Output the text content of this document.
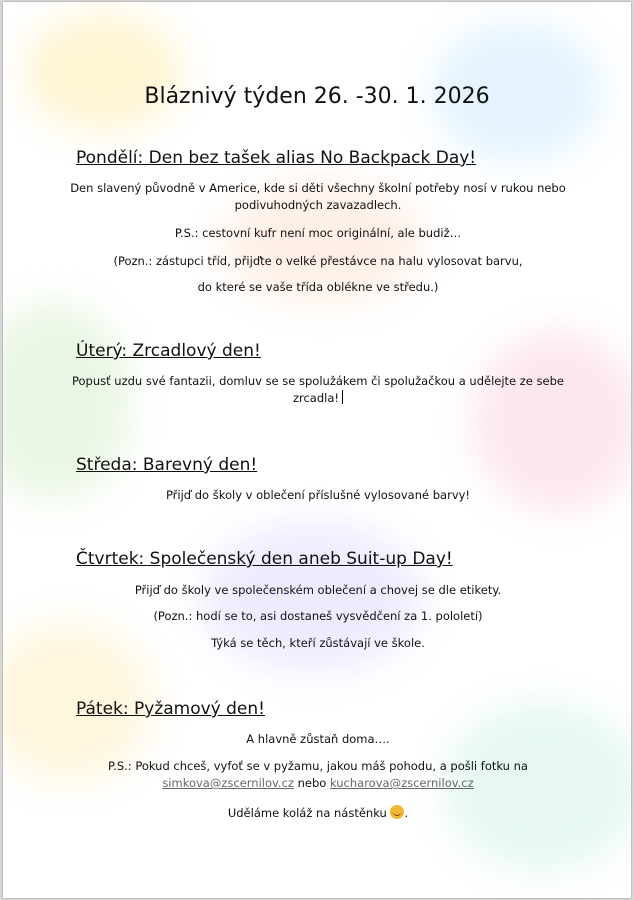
Bláznivý týden 26. -30. 1. 2026
Pondělí: Den bez tašek alias No Backpack Day!
Den slavený původně v Americe, kde si děti všechny školní potřeby nosí v rukou nebo podivuhodných zavazadlech.
P.S.: cestovní kufr není moc originální, ale budiž…
(Pozn.: zástupci tříd, přijďte o velké přestávce na halu vylosovat barvu,
do které se vaše třída oblékne ve středu.)
Úterý: Zrcadlový den!
Popusť uzdu své fantazii, domluv se se spolužákem či spolužačkou a udělejte ze sebe zrcadla!
Středa: Barevný den!
Přijď do školy v oblečení příslušné vylosované barvy!
Čtvrtek: Společenský den aneb Suit-up Day!
Přijď do školy ve společenském oblečení a chovej se dle etikety.
(Pozn.: hodí se to, asi dostaneš vysvědčení za 1. pololetí)
Týká se těch, kteří zůstávají ve škole.
Pátek: Pyžamový den!
A hlavně zůstaň doma….
P.S.: Pokud chceš, vyfoť se v pyžamu, jakou máš pohodu, a pošli fotku na
simkova@zscernilov.cz nebo kucharova@zscernilov.cz
Uděláme koláž na nástěnku .
